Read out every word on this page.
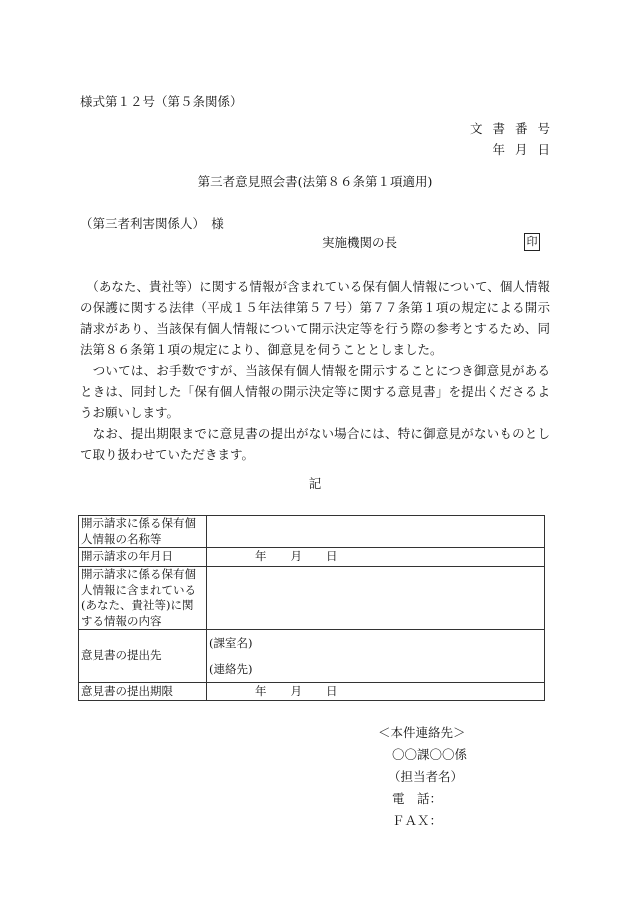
様式第１２号（第５条関係）
文書番号
年月日
第三者意見照会書(法第８６条第１項適用)
（第三者利害関係人）　様
実施機関の長	印

　（あなた、貴社等）に関する情報が含まれている保有個人情報について、個人情報の保護に関する法律（平成１５年法律第５７号）第７７条第１項の規定による開示請求があり、当該保有個人情報について開示決定等を行う際の参考とするため、同法第８６条第１項の規定により、御意見を伺うこととしました。

　ついては、お手数ですが、当該保有個人情報を開示することにつき御意見があるときは、同封した「保有個人情報の開示決定等に関する意見書」を提出くださるようお願いします。

　なお、提出期限までに意見書の提出がない場合には、特に御意見がないものとして取り扱わせていただきます。

記
開示請求に係る保有個人情報の名称等	
開示請求の年月日	年 月 日
開示請求に係る保有個人情報に含まれている(あなた、貴社等)に関する情報の内容	
意見書の提出先	(課室名)
(連絡先)

意見書の提出期限	年 月 日
＜本件連絡先＞
〇〇課〇〇係
（担当者名）
電　話：
ＦＡＸ：
